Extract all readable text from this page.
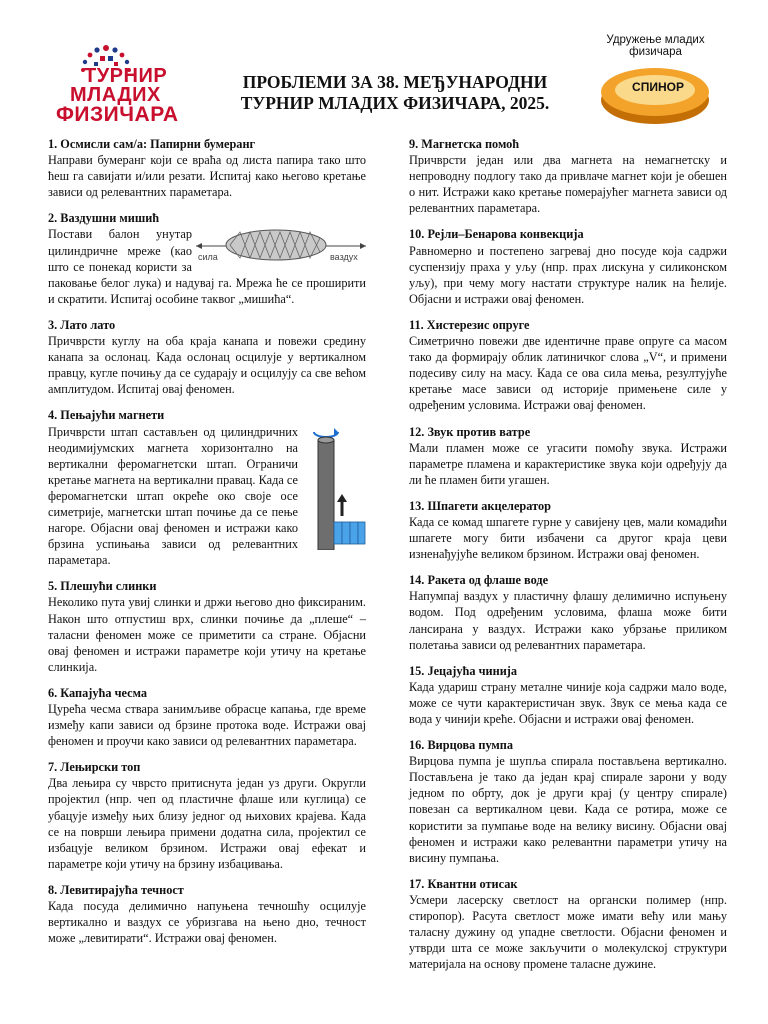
ТУРНИР
МЛАДИХ
ФИЗИЧАРА
ПРОБЛЕМИ ЗА 38. МЕЂУНАРОДНИ
ТУРНИР МЛАДИХ ФИЗИЧАРА, 2025.
Удружење младих
физичара
СПИНОР
1. Осмисли сам/а: Папирни бумеранг

Направи бумеранг који се враћа од листа папира тако што ћеш га савијати и/или резати. Испитај како његово кретање зависи од релевантних параметара.

2. Ваздушни мишић
сила	ваздух

Постави балон унутар цилиндричне мреже (као што се понекад користи за паковање белог лука) и надувај га. Мрежа ће се проширити и скратити. Испитај особине таквог „мишића“.

3. Лато лато

Причврсти куглу на оба краја канапа и повежи средину канапа за ослонац. Када ослонац осцилује у вертикалном правцу, кугле почињу да се сударају и осцилују са све већом амплитудом. Испитај овај феномен.

4. Пењајући магнети

Причврсти штап састављен од цилиндричних неодимијумских магнета хоризонтално на вертикални феромагнетски штап. Ограничи кретање магнета на вертикални правац. Када се феромагнетски штап окреће око своје осе симетрије, магнетски штап почиње да се пење нагоре. Објасни овај феномен и истражи како брзина успињања зависи од релевантних параметара.

5. Плешући слинки

Неколико пута увиј слинки и држи његово дно фиксираним. Након што отпустиш врх, слинки почиње да „плеше“ – таласни феномен може се приметити са стране. Објасни овај феномен и истражи параметре који утичу на кретање слинкија.

6. Капајућа чесма

Цурећа чесма ствара занимљиве обрасце капања, где време између капи зависи од брзине протока воде. Истражи овај феномен и проучи како зависи од релевантних параметара.

7. Лењирски топ

Два лењира су чврсто притиснута један уз други. Округли пројектил (нпр. чеп од пластичне флаше или куглица) се убацује између њих близу једног од њихових крајева. Када се на површи лењира примени додатна сила, пројектил се избацује великом брзином. Истражи овај ефекат и параметре који утичу на брзину избацивања.

8. Левитирајућа течност

Када посуда делимично напуњена течношћу осцилује вертикално и ваздух се убризгава на њено дно, течност може „левитирати“. Истражи овај феномен.

9. Магнетска помоћ

Причврсти један или два магнета на немагнетску и непроводну подлогу тако да привлаче магнет који је обешен о нит. Истражи како кретање померајућег магнета зависи од релевантних параметара.

10. Рејли–Бенарова конвекција

Равномерно и постепено загревај дно посуде која садржи суспензију праха у уљу (нпр. прах лискуна у силиконском уљу), при чему могу настати структуре налик на ћелије. Објасни и истражи овај феномен.

11. Хистерезис опруге

Симетрично повежи две идентичне праве опруге са масом тако да формирају облик латиничког слова „V“, и примени подесиву силу на масу. Када се ова сила мења, резултујуће кретање масе зависи од историје примењене силе у одређеним условима. Истражи овај феномен.

12. Звук против ватре

Мали пламен може се угасити помоћу звука. Истражи параметре пламена и карактеристике звука који одређују да ли ће пламен бити угашен.

13. Шпагети акцелератор

Када се комад шпагете гурне у савијену цев, мали комадићи шпагете могу бити избачени са другог краја цеви изненађујуће великом брзином. Истражи овај феномен.

14. Ракета од флаше воде

Напумпај ваздух у пластичну флашу делимично испуњену водом. Под одређеним условима, флаша може бити лансирана у ваздух. Истражи како убрзање приликом полетања зависи од релевантних параметара.

15. Јецајућа чинија

Када удариш страну металне чиније која садржи мало воде, може се чути карактеристичан звук. Звук се мења када се вода у чинији креће. Објасни и истражи овај феномен.

16. Вирцова пумпа

Вирцова пумпа је шупља спирала постављена вертикално. Постављена је тако да један крај спирале зарони у воду једном по обрту, док је други крај (у центру спирале) повезан са вертикалном цеви. Када се ротира, може се користити за пумпање воде на велику висину. Објасни овај феномен и истражи како релевантни параметри утичу на висину пумпања.

17. Квантни отисак

Усмери ласерску светлост на органски полимер (нпр. стиропор). Расута светлост може имати већу или мању таласну дужину од упадне светлости. Објасни феномен и утврди шта се може закључити о молекулској структури материјала на основу промене таласне дужине.
